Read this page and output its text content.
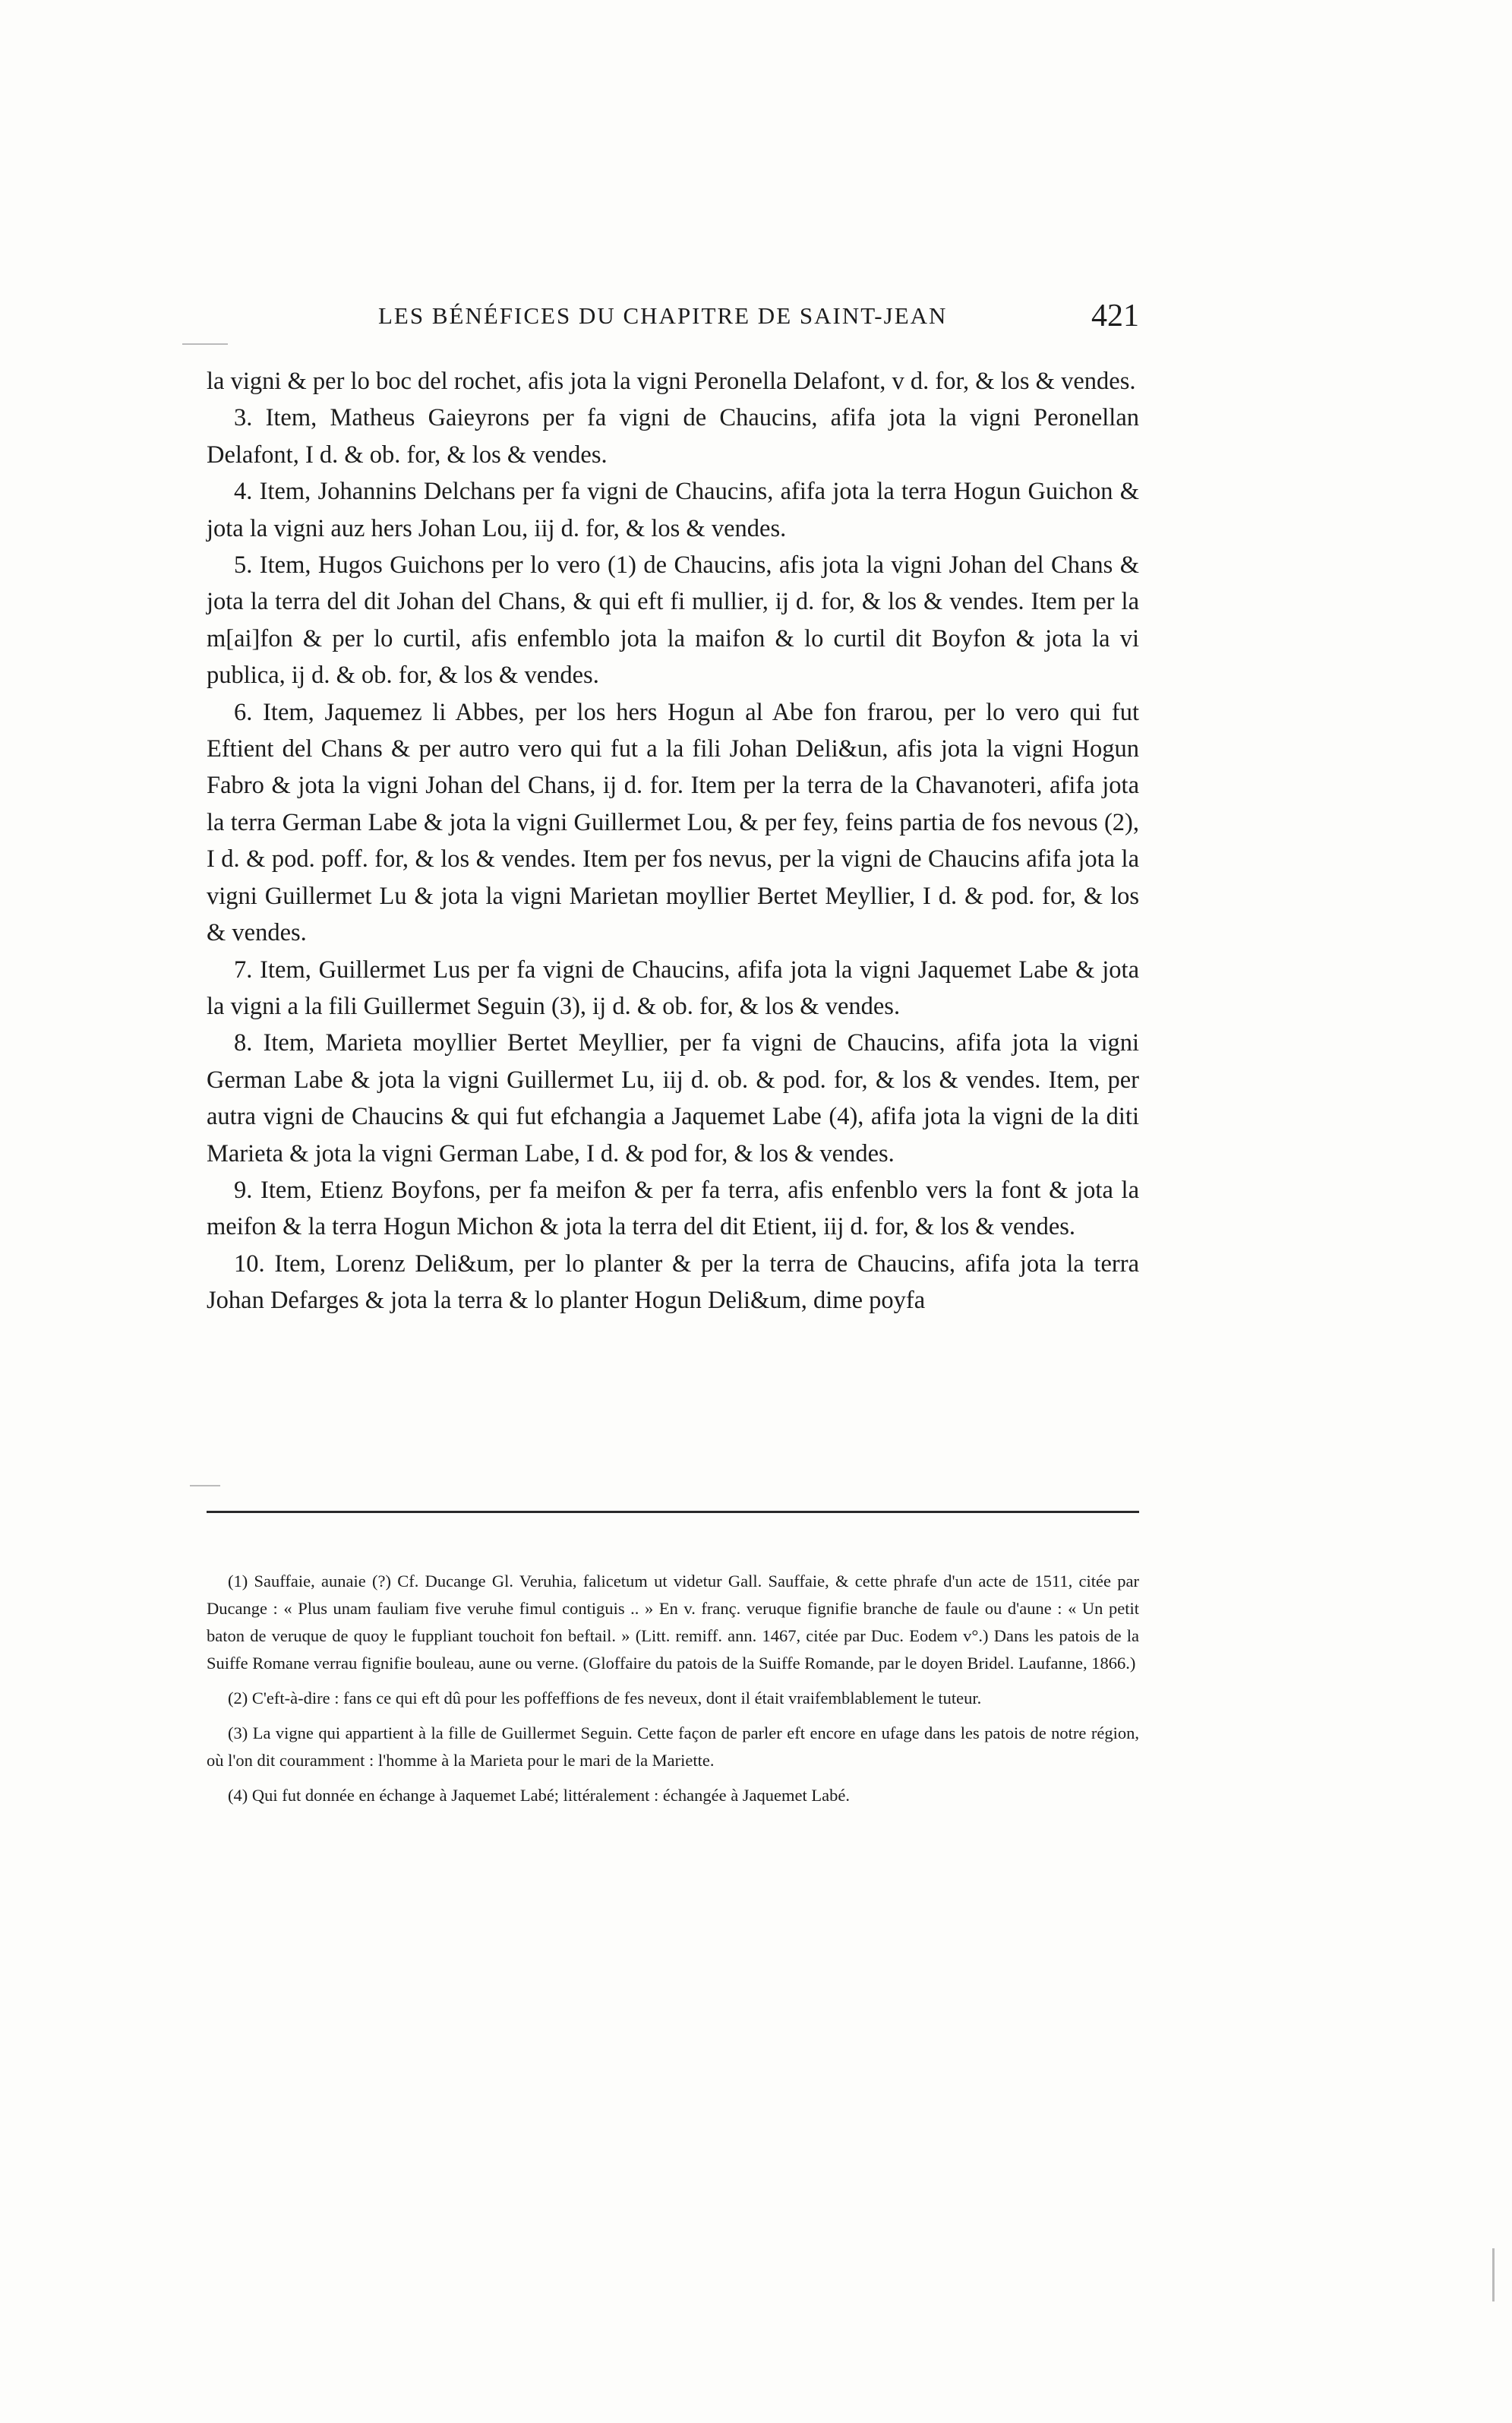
LES BÉNÉFICES DU CHAPITRE DE SAINT-JEAN	421

la vigni & per lo boc del rochet, afis jota la vigni Peronella Delafont, v d. for, & los & vendes.

3. Item, Matheus Gaieyrons per fa vigni de Chaucins, afifa jota la vigni Peronellan Delafont, I d. & ob. for, & los & vendes.

4. Item, Johannins Delchans per fa vigni de Chaucins, afifa jota la terra Hogun Guichon & jota la vigni auz hers Johan Lou, iij d. for, & los & vendes.

5. Item, Hugos Guichons per lo vero (1) de Chaucins, afis jota la vigni Johan del Chans & jota la terra del dit Johan del Chans, & qui eft fi mullier, ij d. for, & los & vendes. Item per la m[ai]fon & per lo curtil, afis enfemblo jota la maifon & lo curtil dit Boyfon & jota la vi publica, ij d. & ob. for, & los & vendes.

6. Item, Jaquemez li Abbes, per los hers Hogun al Abe fon frarou, per lo vero qui fut Eftient del Chans & per autro vero qui fut a la fili Johan Deli&un, afis jota la vigni Hogun Fabro & jota la vigni Johan del Chans, ij d. for. Item per la terra de la Chavanoteri, afifa jota la terra German Labe & jota la vigni Guillermet Lou, & per fey, feins partia de fos nevous (2), I d. & pod. poff. for, & los & vendes. Item per fos nevus, per la vigni de Chaucins afifa jota la vigni Guillermet Lu & jota la vigni Marietan moyllier Bertet Meyllier, I d. & pod. for, & los & vendes.

7. Item, Guillermet Lus per fa vigni de Chaucins, afifa jota la vigni Jaquemet Labe & jota la vigni a la fili Guillermet Seguin (3), ij d. & ob. for, & los & vendes.

8. Item, Marieta moyllier Bertet Meyllier, per fa vigni de Chaucins, afifa jota la vigni German Labe & jota la vigni Guillermet Lu, iij d. ob. & pod. for, & los & vendes. Item, per autra vigni de Chaucins & qui fut efchangia a Jaquemet Labe (4), afifa jota la vigni de la diti Marieta & jota la vigni German Labe, I d. & pod for, & los & vendes.

9. Item, Etienz Boyfons, per fa meifon & per fa terra, afis enfenblo vers la font & jota la meifon & la terra Hogun Michon & jota la terra del dit Etient, iij d. for, & los & vendes.

10. Item, Lorenz Deli&um, per lo planter & per la terra de Chaucins, afifa jota la terra Johan Defarges & jota la terra & lo planter Hogun Deli&um, dime poyfa

(1) Sauffaie, aunaie (?) Cf. Ducange Gl. Veruhia, falicetum ut videtur Gall. Sauffaie, & cette phrafe d'un acte de 1511, citée par Ducange : « Plus unam fauliam five veruhe fimul contiguis .. » En v. franç. veruque fignifie branche de faule ou d'aune : « Un petit baton de veruque de quoy le fuppliant touchoit fon beftail. » (Litt. remiff. ann. 1467, citée par Duc. Eodem v°.) Dans les patois de la Suiffe Romane verrau fignifie bouleau, aune ou verne. (Gloffaire du patois de la Suiffe Romande, par le doyen Bridel. Laufanne, 1866.)

(2) C'eft-à-dire : fans ce qui eft dû pour les poffeffions de fes neveux, dont il était vraifemblablement le tuteur.

(3) La vigne qui appartient à la fille de Guillermet Seguin. Cette façon de parler eft encore en ufage dans les patois de notre région, où l'on dit couramment : l'homme à la Marieta pour le mari de la Mariette.

(4) Qui fut donnée en échange à Jaquemet Labé; littéralement : échangée à Jaquemet Labé.
